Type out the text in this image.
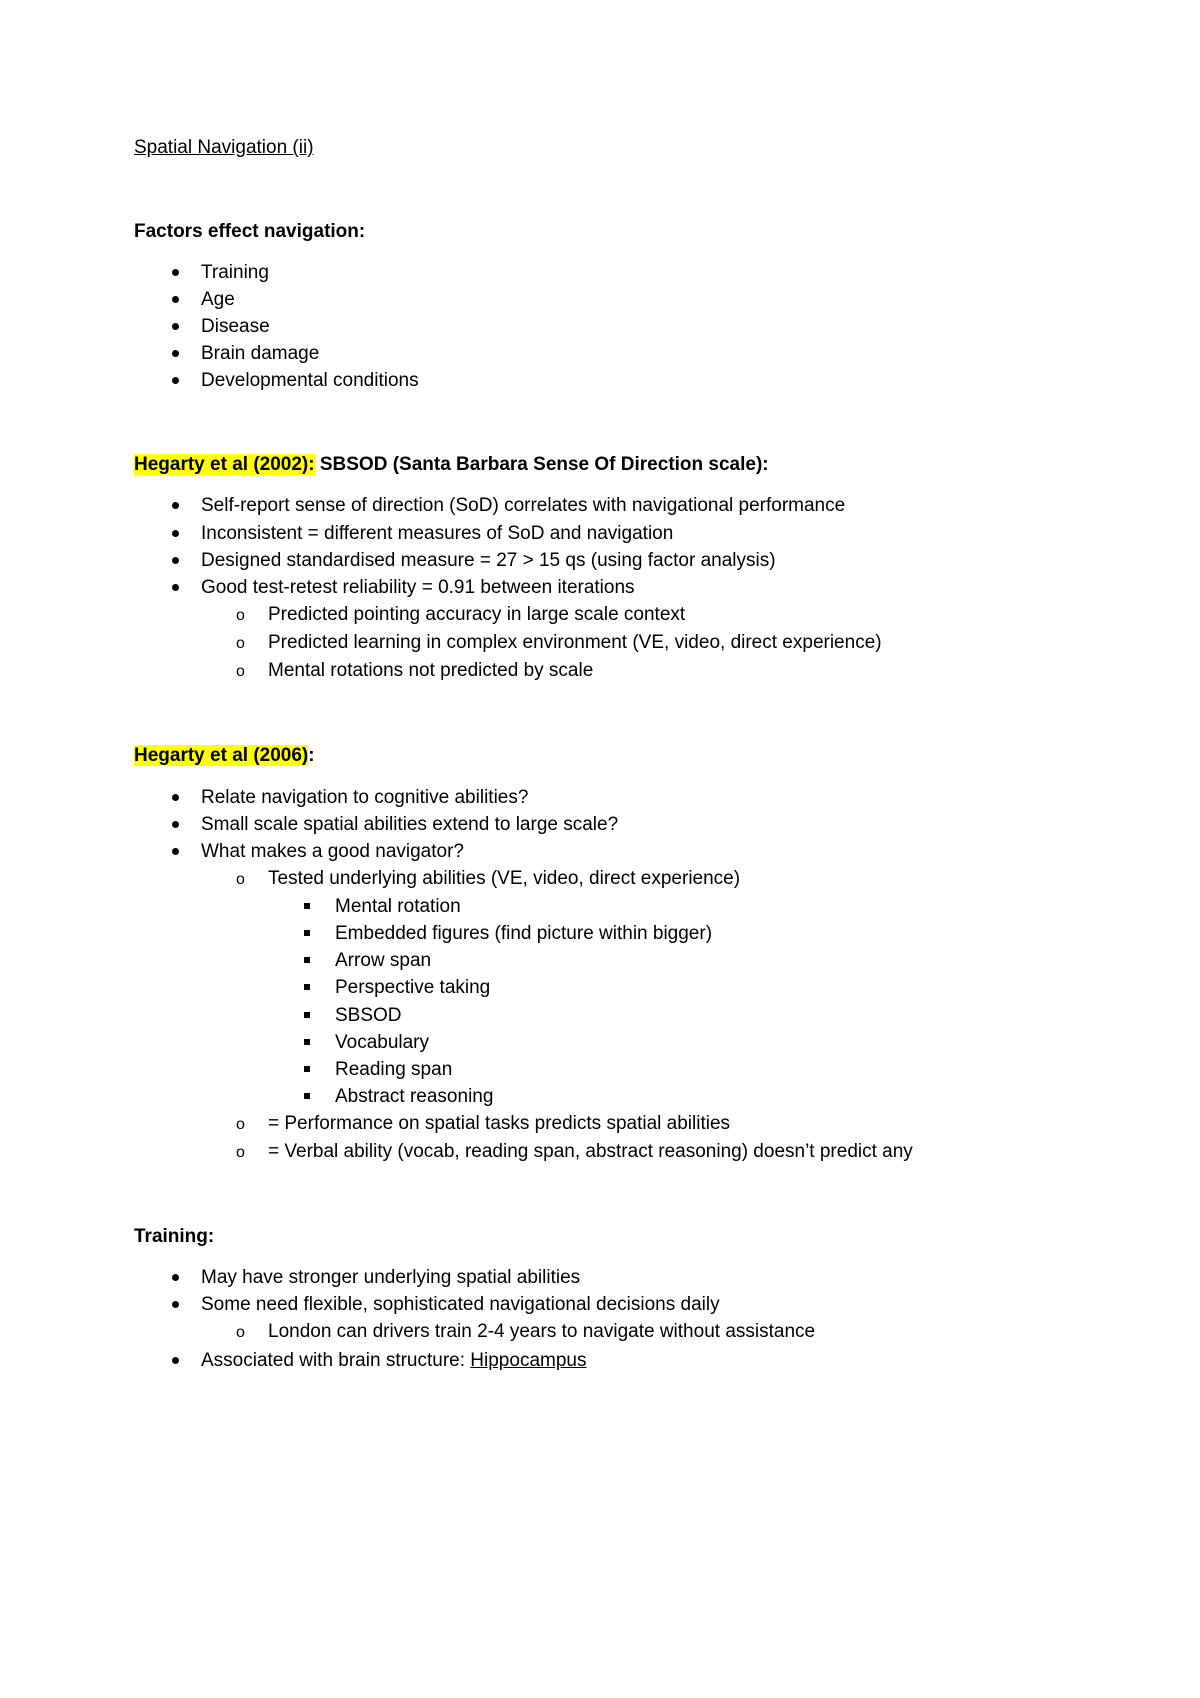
Spatial Navigation (ii)
Factors effect navigation:
Training
Age
Disease
Brain damage
Developmental conditions
Hegarty et al (2002): SBSOD (Santa Barbara Sense Of Direction scale):
Self-report sense of direction (SoD) correlates with navigational performance
Inconsistent = different measures of SoD and navigation
Designed standardised measure = 27 > 15 qs (using factor analysis)
Good test-retest reliability = 0.91 between iterations
o Predicted pointing accuracy in large scale context
o Predicted learning in complex environment (VE, video, direct experience)
o Mental rotations not predicted by scale
Hegarty et al (2006):
Relate navigation to cognitive abilities?
Small scale spatial abilities extend to large scale?
What makes a good navigator?
o Tested underlying abilities (VE, video, direct experience)
Mental rotation
Embedded figures (find picture within bigger)
Arrow span
Perspective taking
SBSOD
Vocabulary
Reading span
Abstract reasoning
o = Performance on spatial tasks predicts spatial abilities
o = Verbal ability (vocab, reading span, abstract reasoning) doesn’t predict any
Training:
May have stronger underlying spatial abilities
Some need flexible, sophisticated navigational decisions daily
o London can drivers train 2-4 years to navigate without assistance
Associated with brain structure: Hippocampus
